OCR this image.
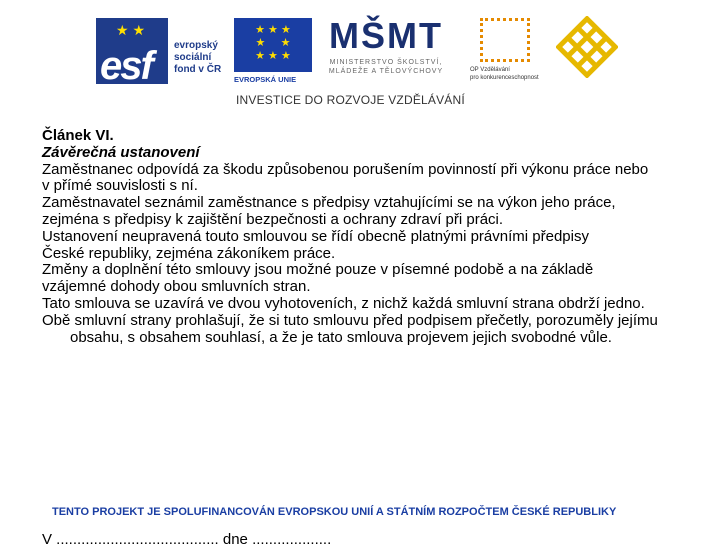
★ ★
esf evropský
sociální
fond v ČR
★ ★ ★
★     ★
★ ★ ★
EVROPSKÁ UNIE
MŠMT
MINISTERSTVO ŠKOLSTVÍ,
MLÁDEŽE A TĚLOVÝCHOVY	OP Vzdělávání
pro konkurenceschopnost
INVESTICE DO ROZVOJE VZDĚLÁVÁNÍ
Článek VI.
Závěrečná ustanovení
Zaměstnanec odpovídá za škodu způsobenou porušením povinností při výkonu práce nebo
v přímé souvislosti s ní.
Zaměstnavatel seznámil zaměstnance s předpisy vztahujícími se na výkon jeho práce,
zejména s předpisy k zajištění bezpečnosti a ochrany zdraví při práci.
Ustanovení neupravená touto smlouvou se řídí obecně platnými právními předpisy
České republiky, zejména zákoníkem práce.
Změny a doplnění této smlouvy jsou možné pouze v písemné podobě a na základě
vzájemné dohody obou smluvních stran.
Tato smlouva se uzavírá ve dvou vyhotoveních, z nichž každá smluvní strana obdrží jedno.
Obě smluvní strany prohlašují, že si tuto smlouvu před podpisem přečetly, porozuměly jejímu obsahu, s obsahem souhlasí, a že je tato smlouva projevem jejich svobodné vůle.
TENTO PROJEKT JE SPOLUFINANCOVÁN EVROPSKOU UNIÍ A STÁTNÍM ROZPOČTEM ČESKÉ REPUBLIKY
V ....................................... dne ...................
